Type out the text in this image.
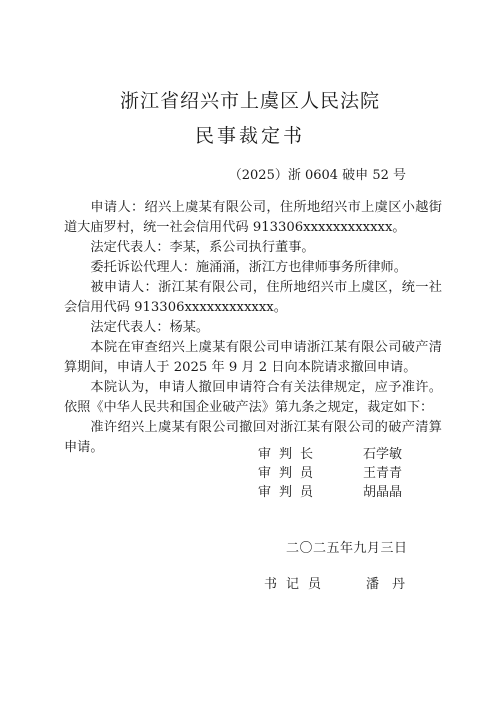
浙江省绍兴市上虞区人民法院
民事裁定书
（2025）浙 0604 破申 52 号

申请人：绍兴上虞某有限公司，住所地绍兴市上虞区小越街道大庙罗村，统一社会信用代码 913306xxxxxxxxxxxx。

法定代表人：李某，系公司执行董事。

委托诉讼代理人：施涌涌，浙江方也律师事务所律师。

被申请人：浙江某有限公司，住所地绍兴市上虞区，统一社会信用代码 913306xxxxxxxxxxxx。

法定代表人：杨某。

本院在审查绍兴上虞某有限公司申请浙江某有限公司破产清算期间，申请人于 2025 年 9 月 2 日向本院请求撤回申请。

本院认为，申请人撤回申请符合有关法律规定，应予准许。依照《中华人民共和国企业破产法》第九条之规定，裁定如下：

准许绍兴上虞某有限公司撤回对浙江某有限公司的破产清算申请。	审判长	石学敏
审判员	王青青
审判员	胡晶晶
二〇二五年九月三日
书记员	潘丹
